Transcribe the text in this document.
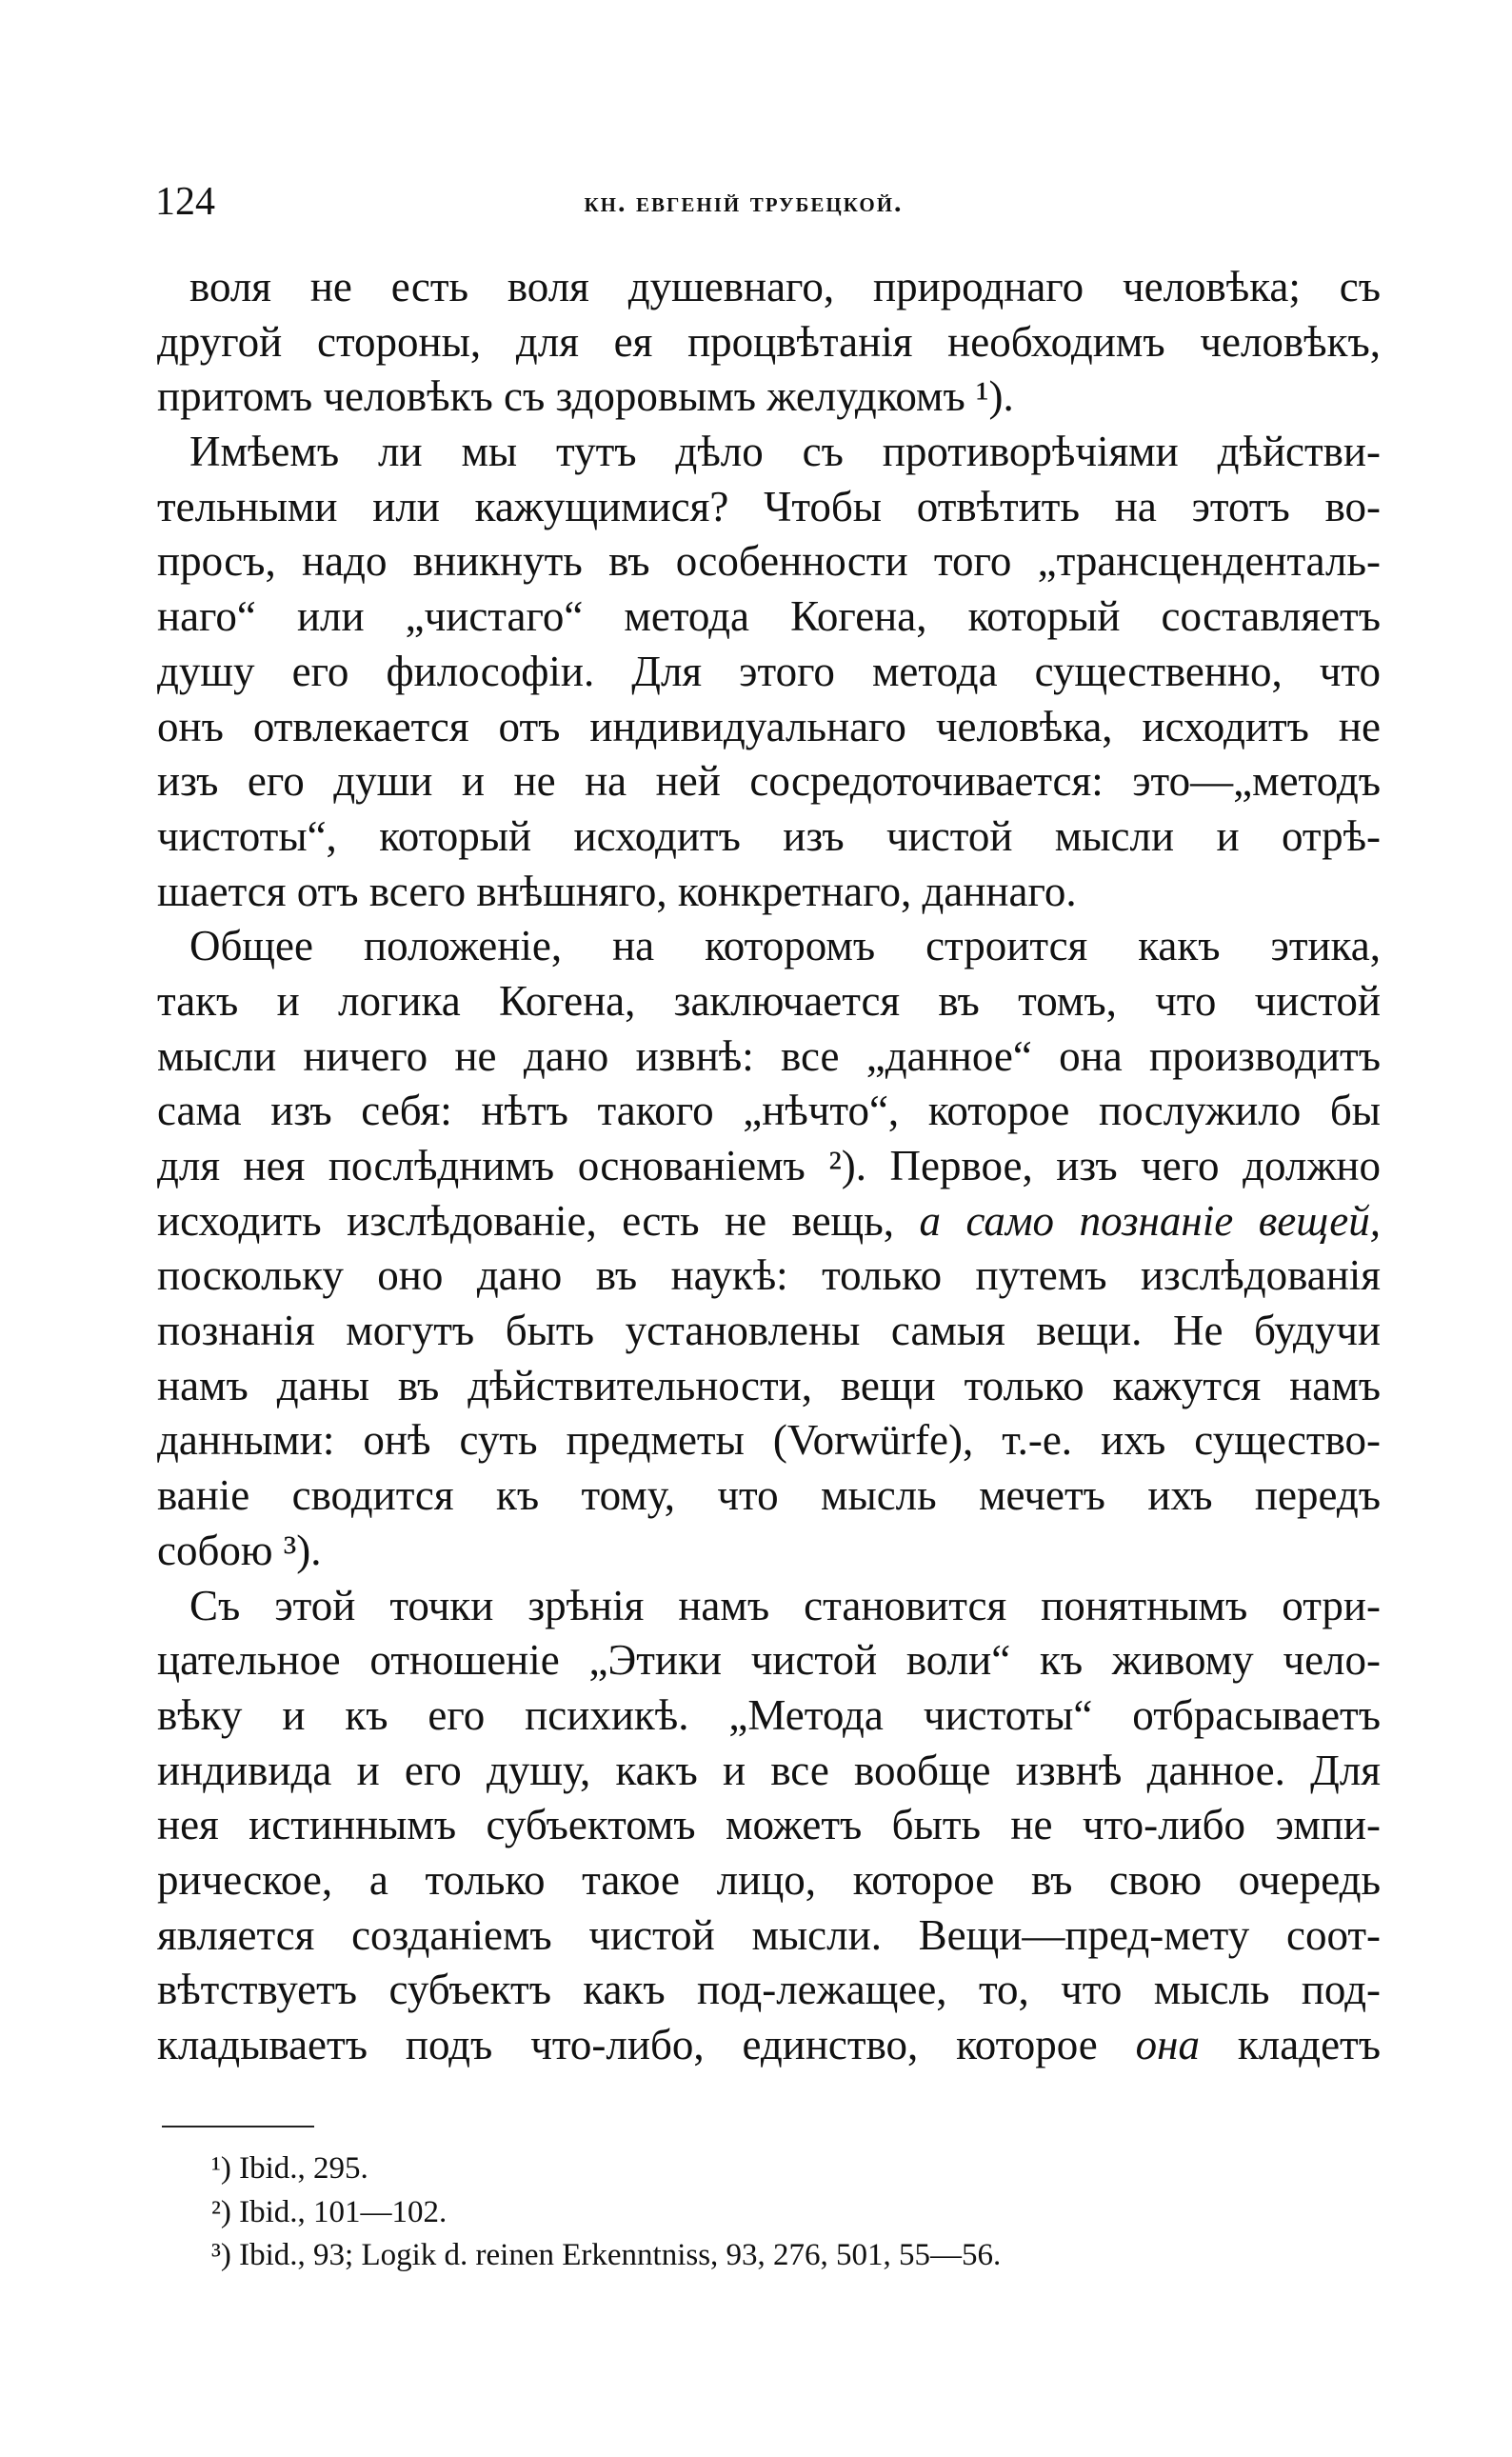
124	кн. евгеній трубецкой.
воля не есть воля душевнаго, природнаго человѣка; съ
другой стороны, для ея процвѣтанія необходимъ человѣкъ,
притомъ человѣкъ съ здоровымъ желудкомъ ¹).
Имѣемъ ли мы тутъ дѣло съ противорѣчіями дѣйстви-
тельными или кажущимися? Чтобы отвѣтить на этотъ во-
просъ, надо вникнуть въ особенности того „трансценденталь-
наго“ или „чистаго“ метода Когена, который составляетъ
душу его философіи. Для этого метода существенно, что
онъ отвлекается отъ индивидуальнаго человѣка, исходитъ не
изъ его души и не на ней сосредоточивается: это—„методъ
чистоты“, который исходитъ изъ чистой мысли и отрѣ-
шается отъ всего внѣшняго, конкретнаго, даннаго.
Общее положеніе, на которомъ строится какъ этика,
такъ и логика Когена, заключается въ томъ, что чистой
мысли ничего не дано извнѣ: все „данное“ она производитъ
сама изъ себя: нѣтъ такого „нѣчто“, которое послужило бы
для нея послѣднимъ основаніемъ ²). Первое, изъ чего должно
исходить изслѣдованіе, есть не вещь, а само познаніе вещей,
поскольку оно дано въ наукѣ: только путемъ изслѣдованія
познанія могутъ быть установлены самыя вещи. Не будучи
намъ даны въ дѣйствительности, вещи только кажутся намъ
данными: онѣ суть предметы (Vorwürfe), т.-е. ихъ существо-
ваніе сводится къ тому, что мысль мечетъ ихъ передъ
собою ³).
Съ этой точки зрѣнія намъ становится понятнымъ отри-
цательное отношеніе „Этики чистой воли“ къ живому чело-
вѣку и къ его психикѣ. „Метода чистоты“ отбрасываетъ
индивида и его душу, какъ и все вообще извнѣ данное. Для
нея истиннымъ субъектомъ можетъ быть не что-либо эмпи-
рическое, а только такое лицо, которое въ свою очередь
является созданіемъ чистой мысли. Вещи—пред-мету соот-
вѣтствуетъ субъектъ какъ под-лежащее, то, что мысль под-
кладываетъ подъ что-либо, единство, которое она кладетъ
¹) Ibid., 295.
²) Ibid., 101—102.
³) Ibid., 93; Logik d. reinen Erkenntniss, 93, 276, 501, 55—56.
